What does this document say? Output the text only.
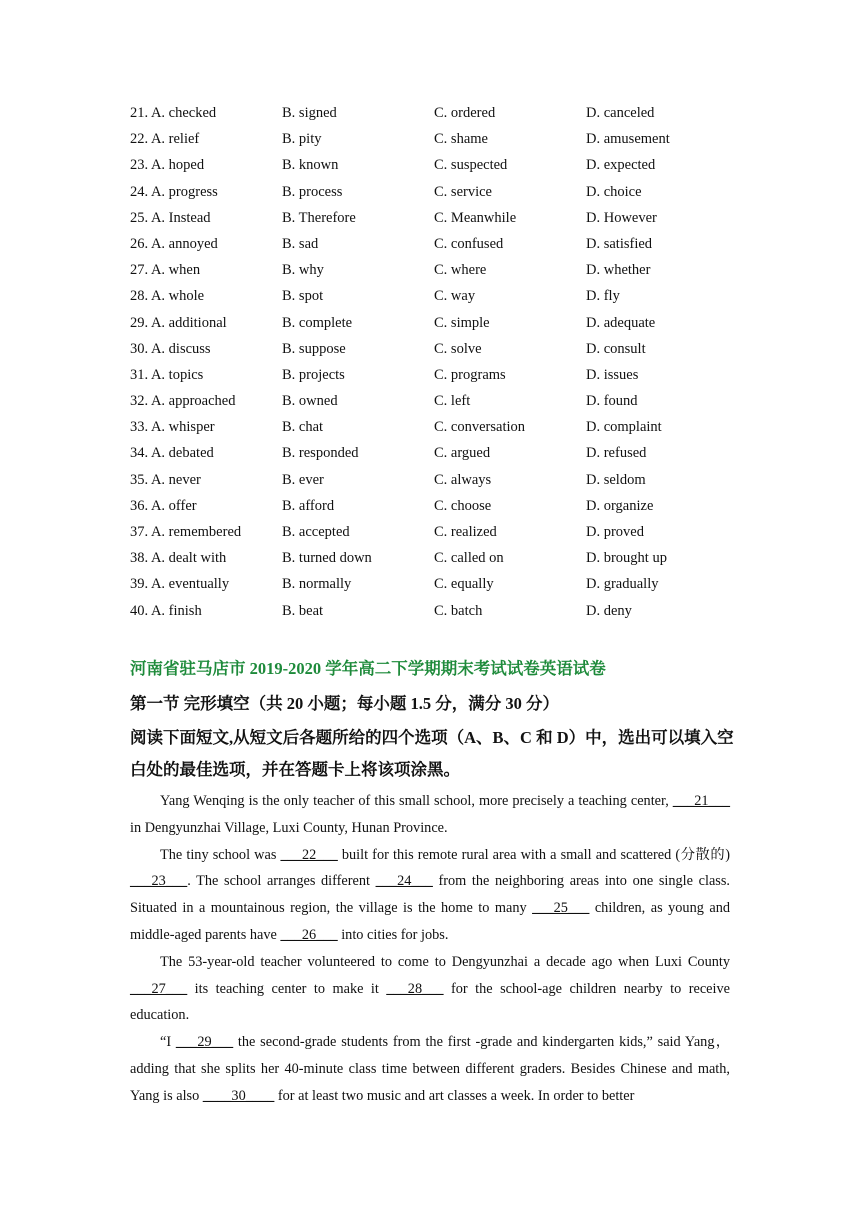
21. A. checked	B. signed	C. ordered	D. canceled
22. A. relief	B. pity	C. shame	D. amusement
23. A. hoped	B. known	C. suspected	D. expected
24. A. progress	B. process	C. service	D. choice
25. A. Instead	B. Therefore	C. Meanwhile	D. However
26. A. annoyed	B. sad	C. confused	D. satisfied
27. A. when	B. why	C. where	D. whether
28. A. whole	B. spot	C. way	D. fly
29. A. additional	B. complete	C. simple	D. adequate
30. A. discuss	B. suppose	C. solve	D. consult
31. A. topics	B. projects	C. programs	D. issues
32. A. approached	B. owned	C. left	D. found
33. A. whisper	B. chat	C. conversation	D. complaint
34. A. debated	B. responded	C. argued	D. refused
35. A. never	B. ever	C. always	D. seldom
36. A. offer	B. afford	C. choose	D. organize
37. A. remembered	B. accepted	C. realized	D. proved
38. A. dealt with	B. turned down	C. called on	D. brought up
39. A. eventually	B. normally	C. equally	D. gradually
40. A. finish	B. beat	C. batch	D. deny
河南省驻马店市 2019-2020 学年高二下学期期末考试试卷英语试卷
第一节 完形填空（共 20 小题；每小题 1.5 分，满分 30 分）
阅读下面短文,从短文后各题所给的四个选项（A、B、C 和 D）中，选出可以填入空白处的最佳选项，并在答题卡上将该项涂黑。

Yang Wenqing is the only teacher of this small school, more precisely a teaching center, ___21___ in Dengyunzhai Village, Luxi County, Hunan Province.

The tiny school was ___22___ built for this remote rural area with a small and scattered (分散的) ___23___. The school arranges different ___24___ from the neighboring areas into one single class. Situated in a mountainous region, the village is the home to many ___25___ children, as young and middle-aged parents have ___26___ into cities for jobs.

The 53-year-old teacher volunteered to come to Dengyunzhai a decade ago when Luxi County ___27___ its teaching center to make it ___28___ for the school-age children nearby to receive education.

“I ___29___ the second-grade students from the first -grade and kindergarten kids,” said Yang，adding that she splits her 40-minute class time between different graders. Besides Chinese and math, Yang is also ____30____ for at least two music and art classes a week. In order to better
